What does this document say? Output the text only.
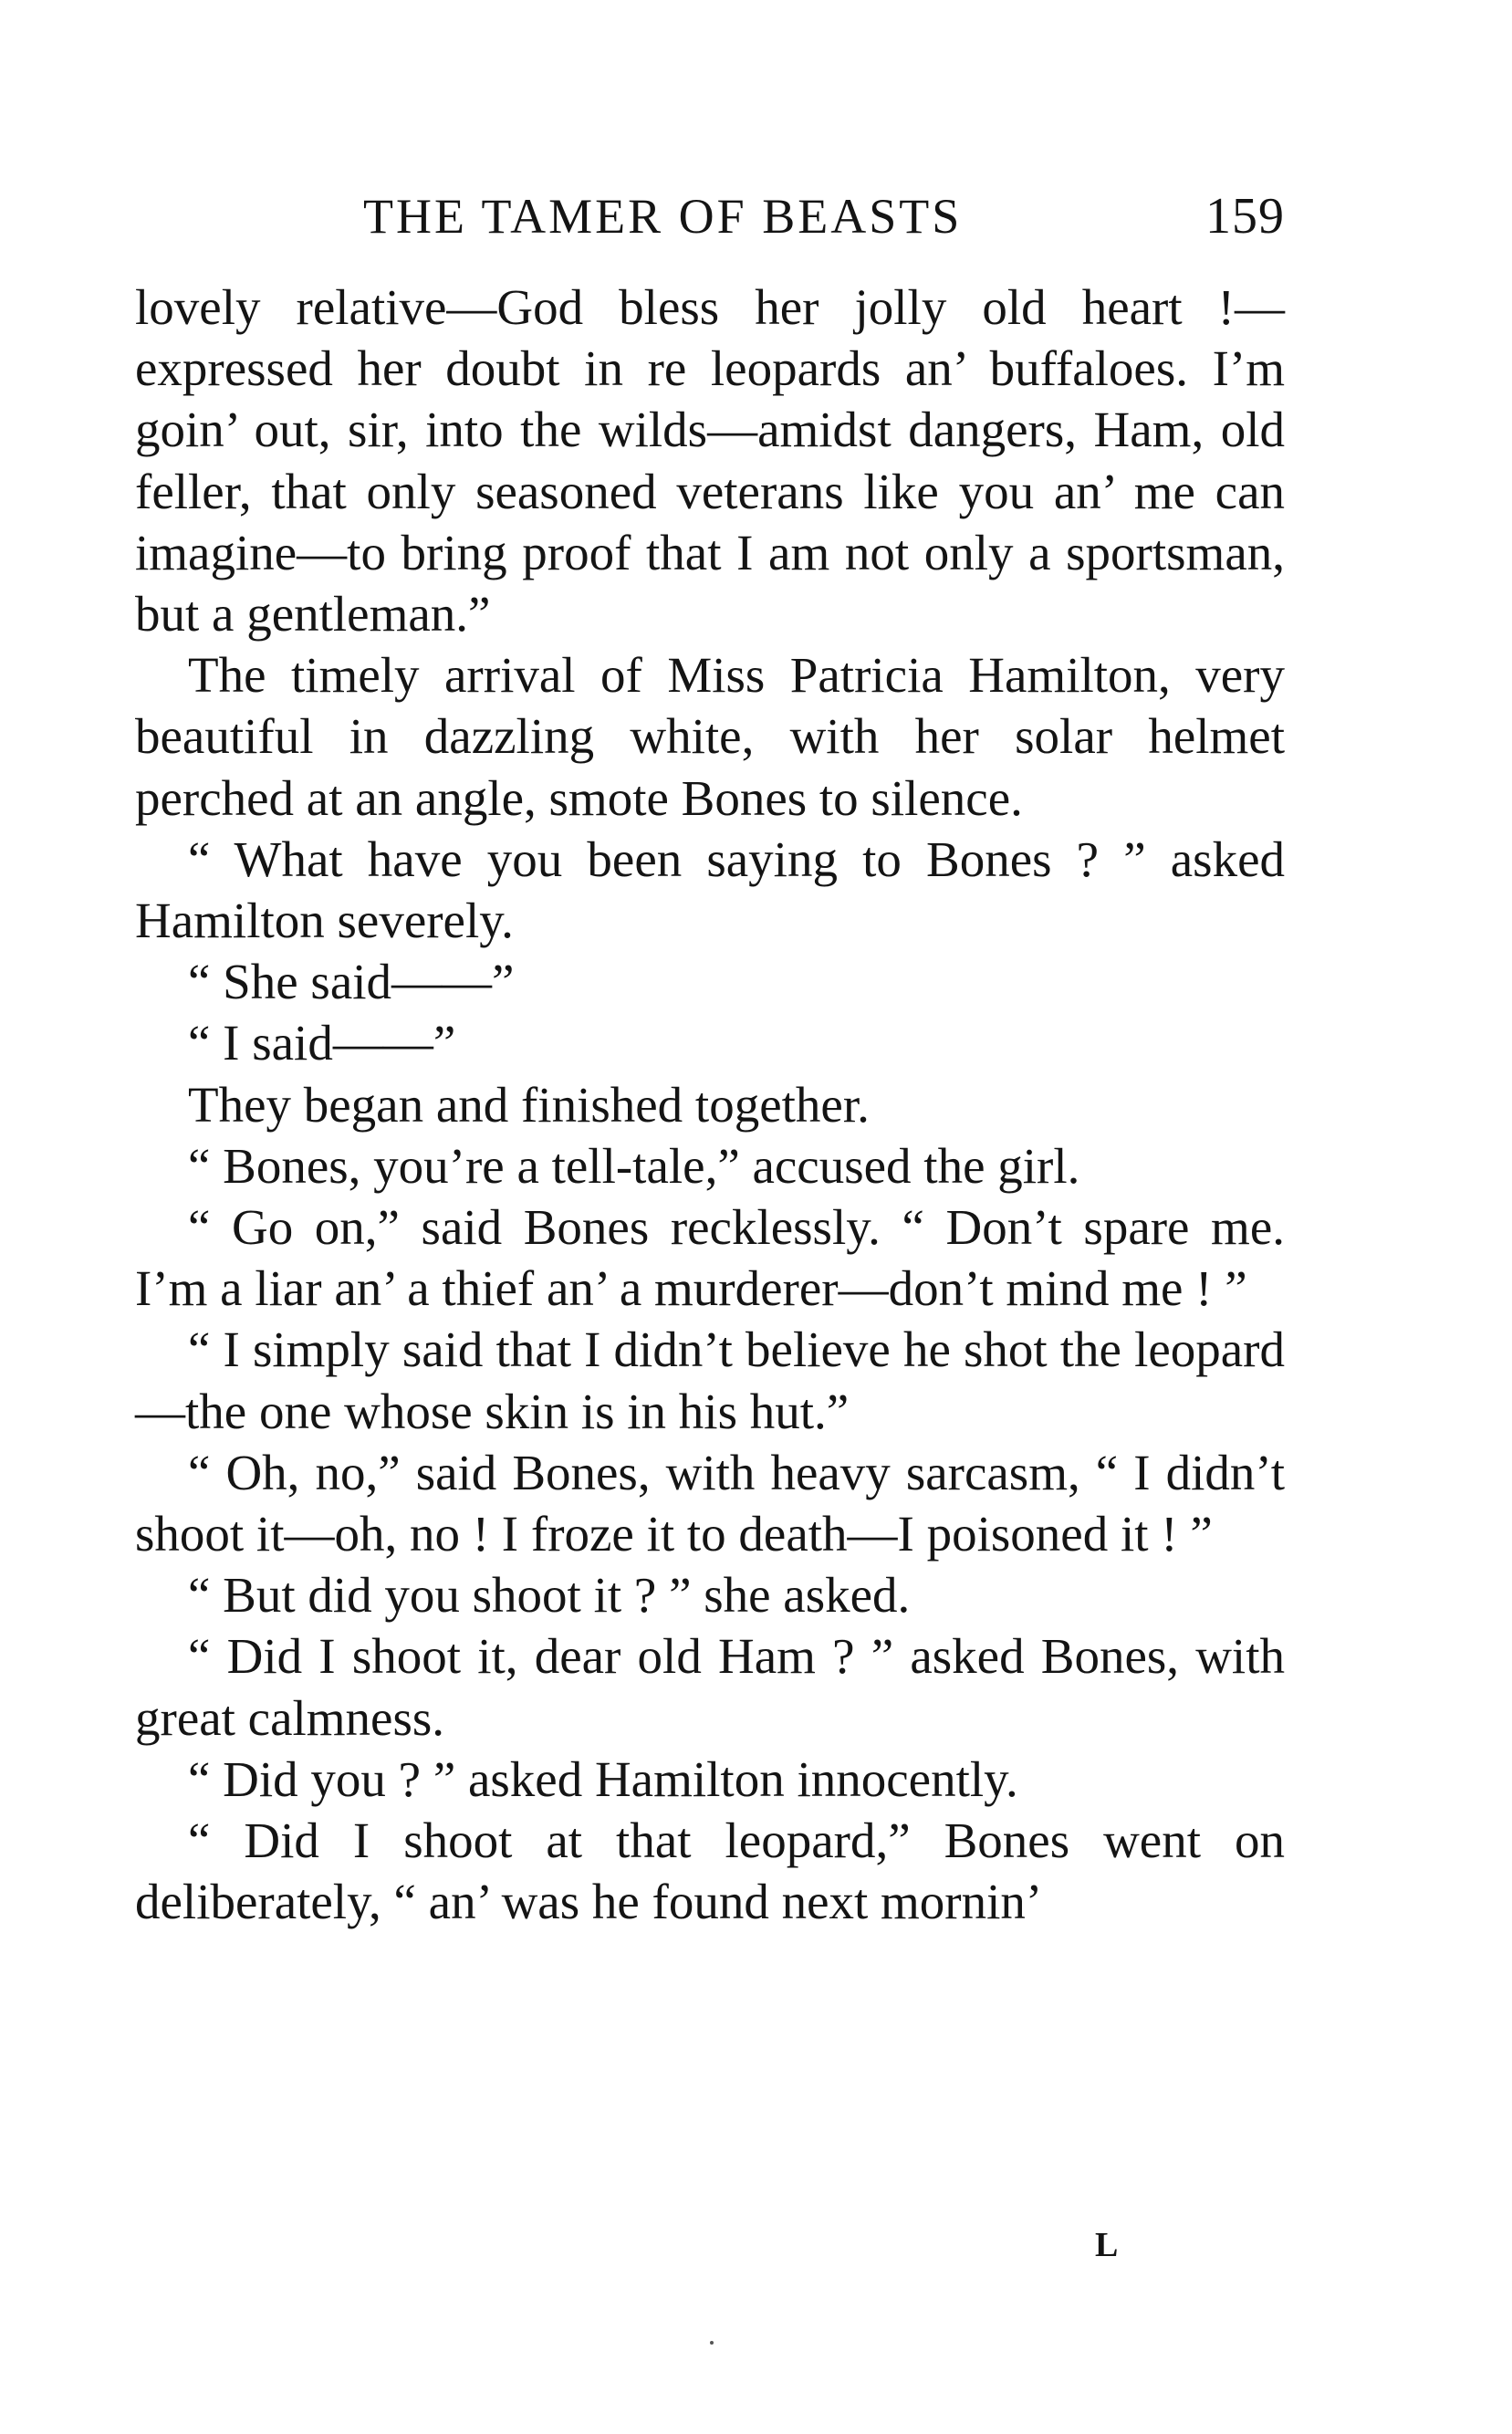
THE TAMER OF BEASTS	159

lovely relative—God bless her jolly old heart !—expressed her doubt in re leopards an’ buffaloes. I’m goin’ out, sir, into the wilds—amidst dangers, Ham, old feller, that only seasoned veterans like you an’ me can imagine—to bring proof that I am not only a sportsman, but a gentleman.”

The timely arrival of Miss Patricia Hamilton, very beautiful in dazzling white, with her solar helmet perched at an angle, smote Bones to silence.

“ What have you been saying to Bones ? ” asked Hamilton severely.

“ She said——”

“ I said——”

They began and finished together.

“ Bones, you’re a tell-tale,” accused the girl.

“ Go on,” said Bones recklessly. “ Don’t spare me. I’m a liar an’ a thief an’ a murderer—don’t mind me ! ”

“ I simply said that I didn’t believe he shot the leopard—the one whose skin is in his hut.”

“ Oh, no,” said Bones, with heavy sarcasm, “ I didn’t shoot it—oh, no ! I froze it to death—I poisoned it ! ”

“ But did you shoot it ? ” she asked.

“ Did I shoot it, dear old Ham ? ” asked Bones, with great calmness.

“ Did you ? ” asked Hamilton innocently.

“ Did I shoot at that leopard,” Bones went on deliberately, “ an’ was he found next mornin’

L
